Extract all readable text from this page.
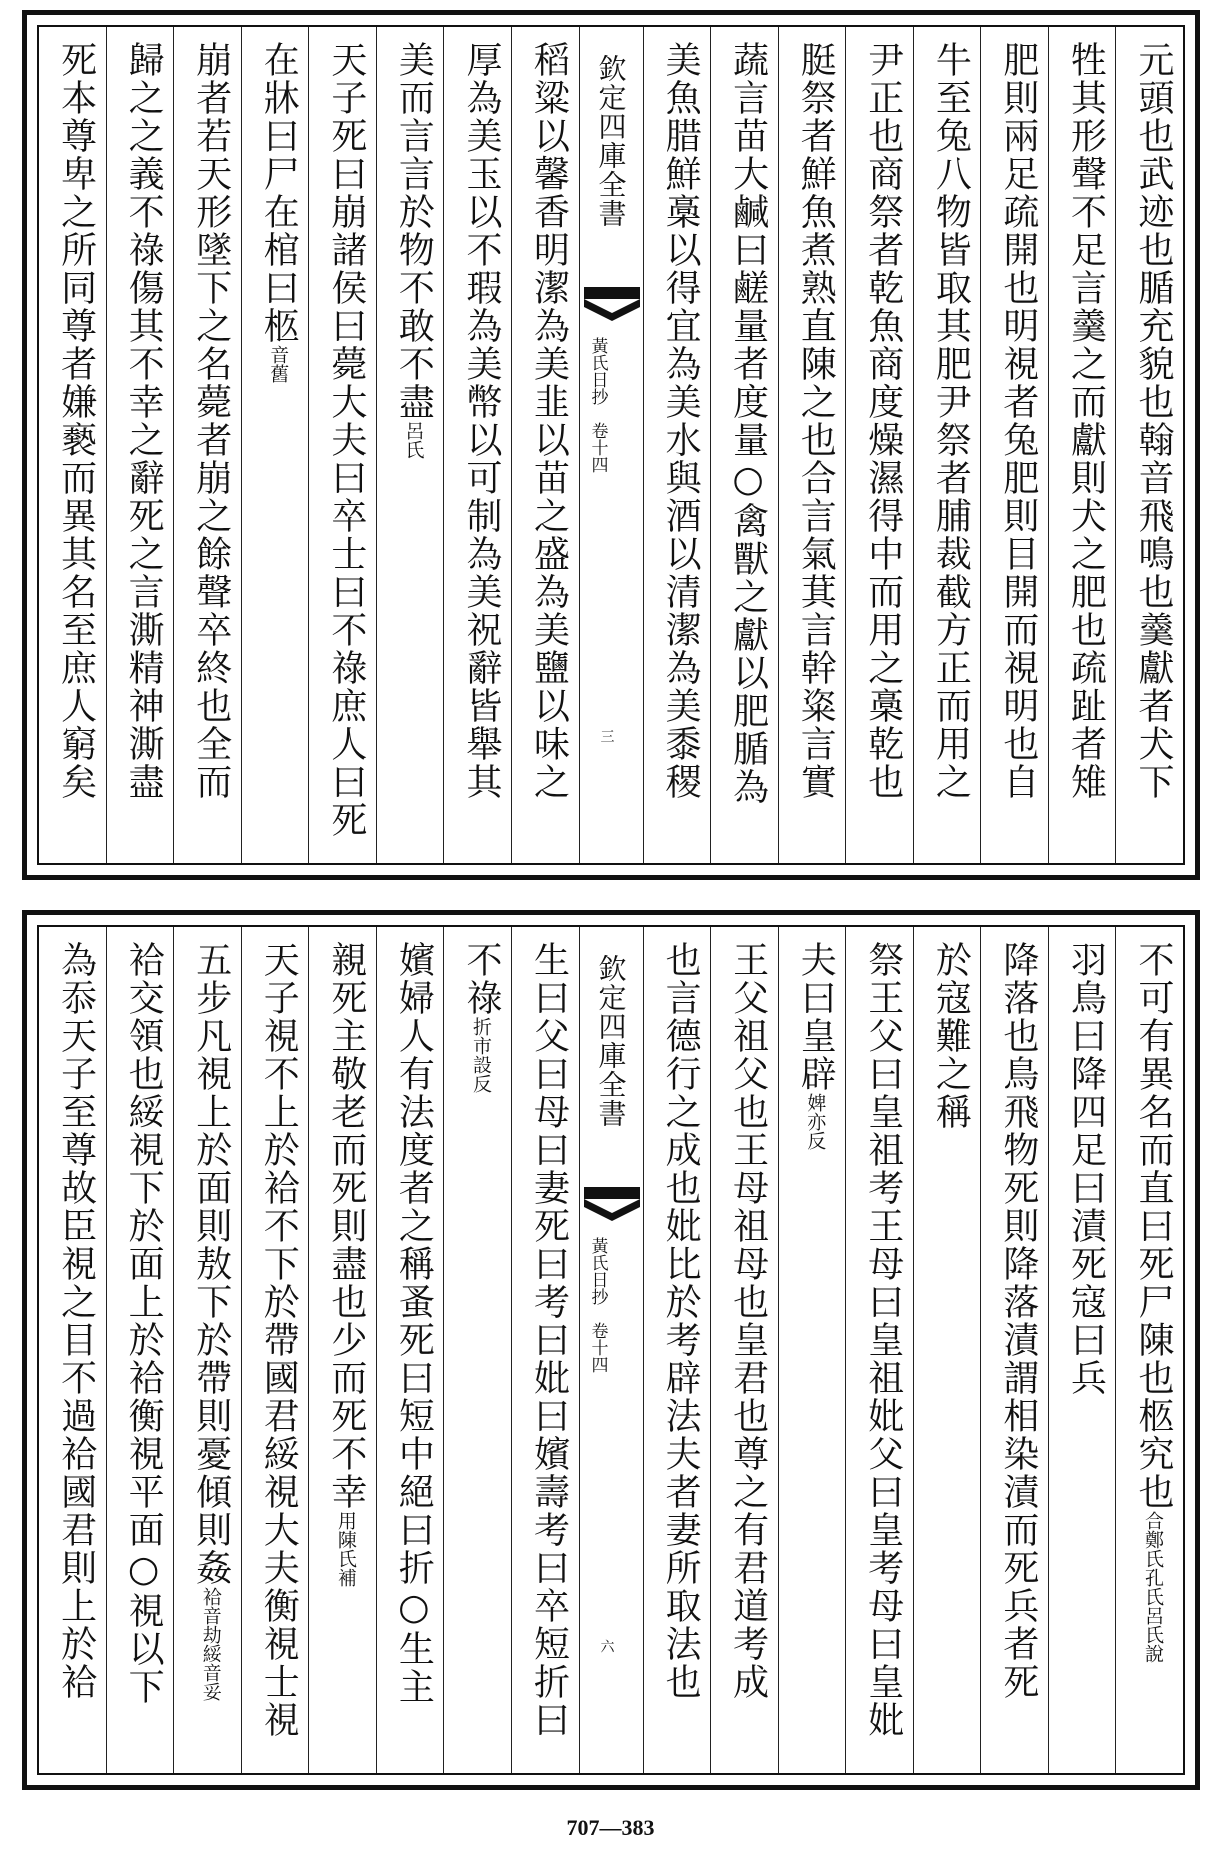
元頭也武迹也腯充貌也翰音飛鳴也羹獻者犬下
牲其形聲不足言羹之而獻則犬之肥也疏趾者雉
肥則兩足疏開也明視者兔肥則目開而視明也自
牛至兔八物皆取其肥尹祭者脯裁截方正而用之
尹正也商祭者乾魚商度燥濕得中而用之槀乾也
脡祭者鮮魚煮熟直陳之也合言氣萁言幹粢言實
蔬言苗大鹹曰鹺量者度量○禽獸之獻以肥腯為
美魚腊鮮槀以得宜為美水與酒以清潔為美黍稷
欽定四庫全書
黃氏日抄　卷十四
三
稻粱以馨香明潔為美韭以苗之盛為美鹽以味之
厚為美玉以不瑕為美幣以可制為美祝辭皆舉其
美而言言於物不敢不盡呂氏
天子死曰崩諸侯曰薨大夫曰卒士曰不祿庶人曰死
在牀曰尸在棺曰柩音舊
崩者若天形墜下之名薨者崩之餘聲卒終也全而
歸之之義不祿傷其不幸之辭死之言澌精神澌盡
死本尊卑之所同尊者嫌褻而異其名至庶人窮矣
不可有異名而直曰死尸陳也柩究也合鄭氏孔氏呂氏說
羽鳥曰降四足曰漬死寇曰兵
降落也鳥飛物死則降落漬謂相染漬而死兵者死
於寇難之稱
祭王父曰皇祖考王母曰皇祖妣父曰皇考母曰皇妣
夫曰皇辟婢亦反
王父祖父也王母祖母也皇君也尊之有君道考成
也言德行之成也妣比於考辟法夫者妻所取法也
欽定四庫全書
黃氏日抄　卷十四
六
生曰父曰母曰妻死曰考曰妣曰嬪壽考曰卒短折曰
不祿折市設反
嬪婦人有法度者之稱蚤死曰短中絕曰折○生主
親死主敬老而死則盡也少而死不幸用陳氏補
天子視不上於袷不下於帶國君綏視大夫衡視士視
五步凡視上於面則敖下於帶則憂傾則姦袷音劫綏音妥
袷交領也綏視下於面上於袷衡視平面○視以下
為忝天子至尊故臣視之目不過袷國君則上於袷
707—383
